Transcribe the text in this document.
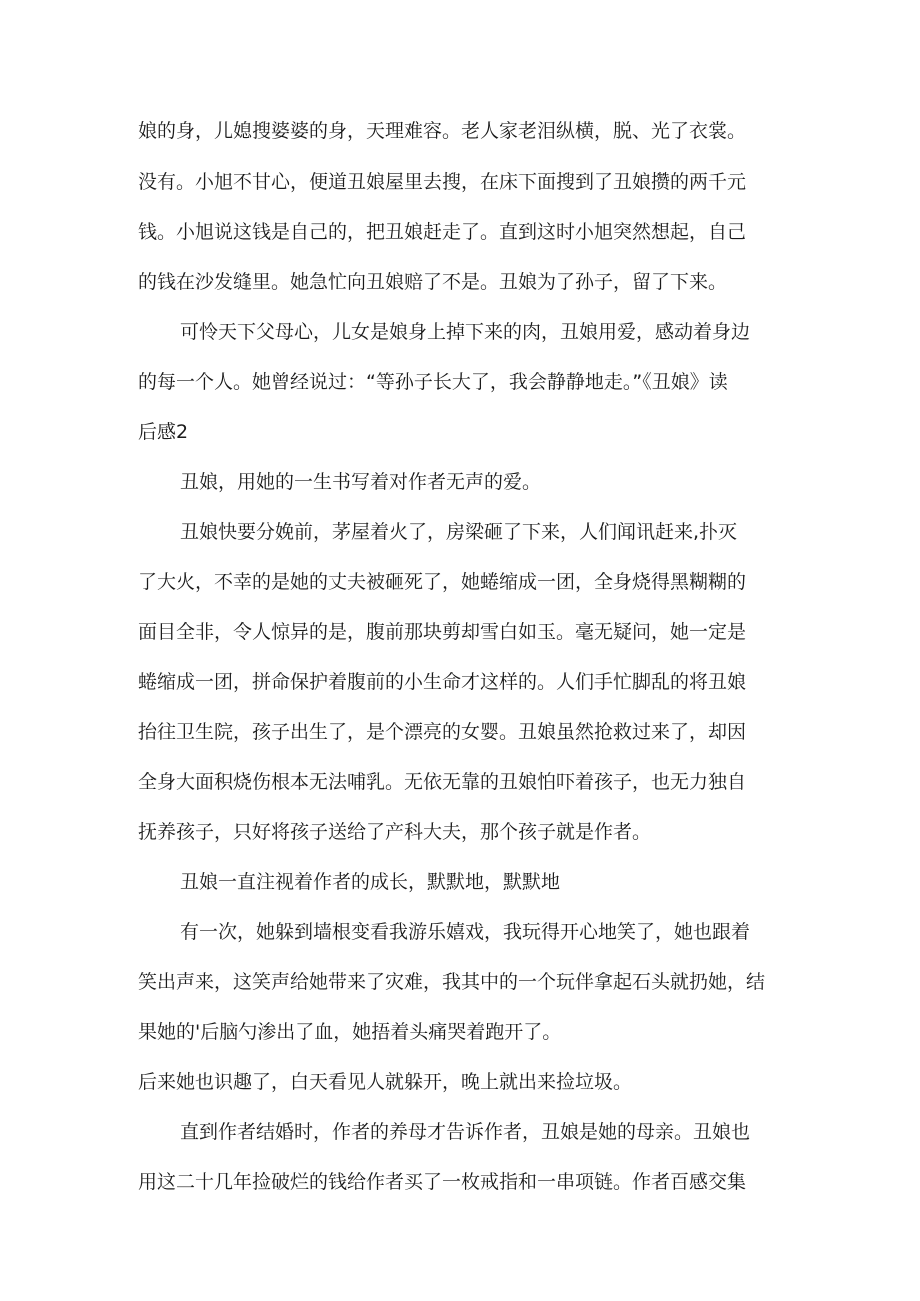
娘的身，儿媳搜婆婆的身，天理难容。老人家老泪纵横，脱、光了衣裳。

没有。小旭不甘心，便道丑娘屋里去搜，在床下面搜到了丑娘攒的两千元

钱。小旭说这钱是自己的，把丑娘赶走了。直到这时小旭突然想起，自己

的钱在沙发缝里。她急忙向丑娘赔了不是。丑娘为了孙子，留了下来。

可怜天下父母心，儿女是娘身上掉下来的肉，丑娘用爱，感动着身边

的每一个人。她曾经说过：“等孙子长大了，我会静静地走。”《丑娘》读

后感2

丑娘，用她的一生书写着对作者无声的爱。

丑娘快要分娩前，茅屋着火了，房梁砸了下来，人们闻讯赶来,扑灭

了大火，不幸的是她的丈夫被砸死了，她蜷缩成一团，全身烧得黑糊糊的

面目全非，令人惊异的是，腹前那块剪却雪白如玉。毫无疑问，她一定是

蜷缩成一团，拼命保护着腹前的小生命才这样的。人们手忙脚乱的将丑娘

抬往卫生院，孩子出生了，是个漂亮的女婴。丑娘虽然抢救过来了，却因

全身大面积烧伤根本无法哺乳。无依无靠的丑娘怕吓着孩子，也无力独自

抚养孩子，只好将孩子送给了产科大夫，那个孩子就是作者。

丑娘一直注视着作者的成长，默默地，默默地

有一次，她躲到墙根变看我游乐嬉戏，我玩得开心地笑了，她也跟着

笑出声来，这笑声给她带来了灾难，我其中的一个玩伴拿起石头就扔她，结

果她的'后脑勺渗出了血，她捂着头痛哭着跑开了。

后来她也识趣了，白天看见人就躲开，晚上就出来捡垃圾。

直到作者结婚时，作者的养母才告诉作者，丑娘是她的母亲。丑娘也

用这二十几年捡破烂的钱给作者买了一枚戒指和一串项链。作者百感交集
